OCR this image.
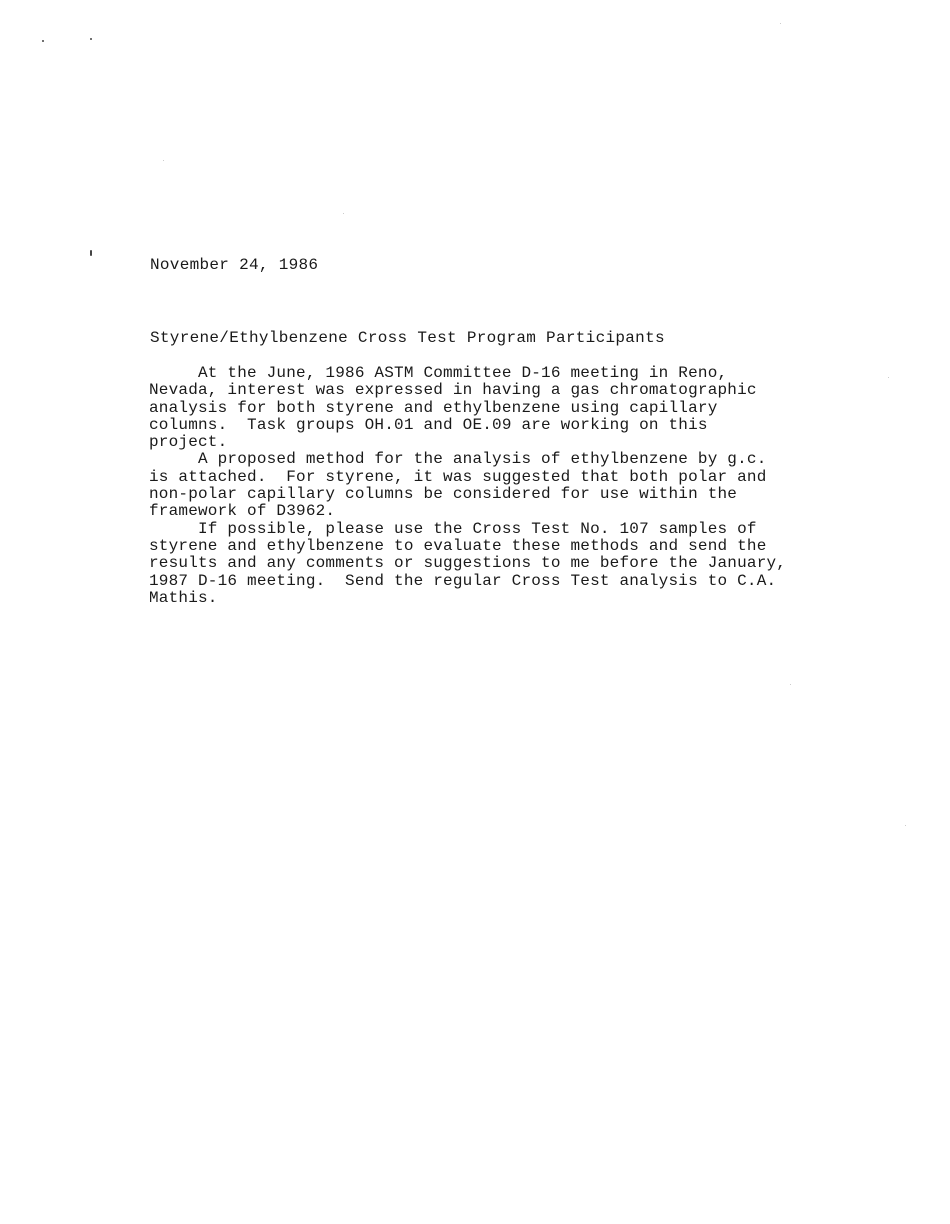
November 24, 1986
Styrene/Ethylbenzene Cross Test Program Participants

At the June, 1986 ASTM Committee D-16 meeting in Reno,
Nevada, interest was expressed in having a gas chromatographic
analysis for both styrene and ethylbenzene using capillary
columns.  Task groups OH.01 and OE.09 are working on this
project.

A proposed method for the analysis of ethylbenzene by g.c.
is attached.  For styrene, it was suggested that both polar and
non-polar capillary columns be considered for use within the
framework of D3962.

If possible, please use the Cross Test No. 107 samples of
styrene and ethylbenzene to evaluate these methods and send the
results and any comments or suggestions to me before the January,
1987 D-16 meeting.  Send the regular Cross Test analysis to C.A.
Mathis.
